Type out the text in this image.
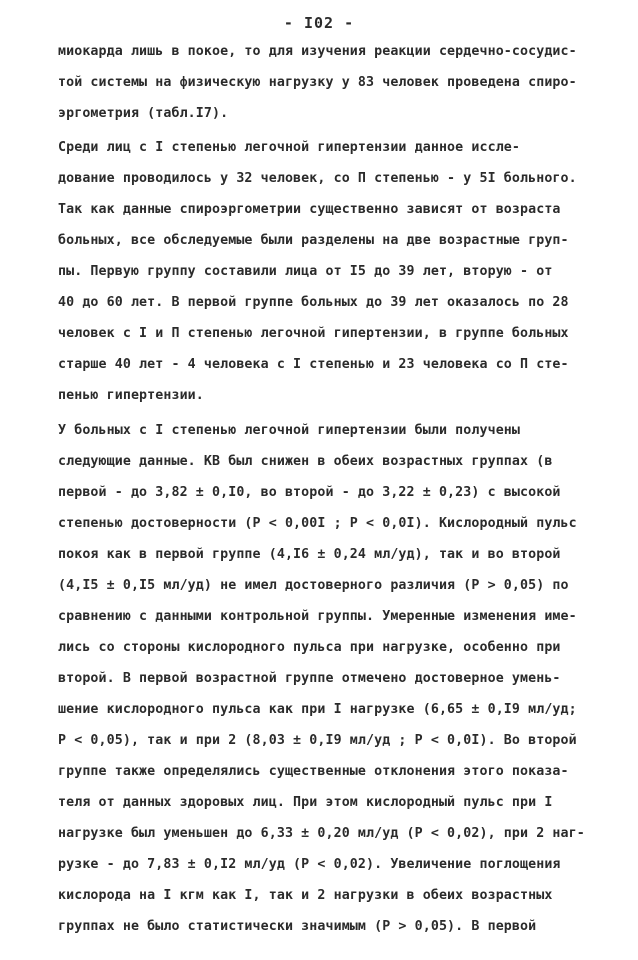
- I02 -
миокарда лишь в покое, то для изучения реакции сердечно-сосудис-
той системы на физическую нагрузку у 83 человек проведена спиро-
эргометрия (табл.I7).
Среди лиц с I степенью легочной гипертензии данное иссле-
дование проводилось у 32 человек, со П степенью - у 5I больного.
Так как данные спироэргометрии существенно зависят от возраста
больных, все обследуемые были разделены на две возрастные груп-
пы. Первую группу составили лица от I5 до 39 лет, вторую - от
40 до 60 лет. В первой группе больных до 39 лет оказалось по 28
человек с I и П степенью легочной гипертензии, в группе больных
старше 40 лет - 4 человека с I степенью и 23 человека со П сте-
пенью гипертензии.
У больных с I степенью легочной гипертензии были получены
следующие данные. КВ был снижен в обеих возрастных группах (в
первой - до 3,82 ± 0,I0, во второй - до 3,22 ± 0,23) с высокой
степенью достоверности (Р < 0,00I ; Р < 0,0I). Кислородный пульс
покоя как в первой группе (4,I6 ± 0,24 мл/уд), так и во второй
(4,I5 ± 0,I5 мл/уд) не имел достоверного различия (Р > 0,05) по
сравнению с данными контрольной группы. Умеренные изменения име-
лись со стороны кислородного пульса при нагрузке, особенно при
второй. В первой возрастной группе отмечено достоверное умень-
шение кислородного пульса как при I нагрузке (6,65 ± 0,I9 мл/уд;
Р < 0,05), так и при 2 (8,03 ± 0,I9 мл/уд ; Р < 0,0I). Во второй
группе также определялись существенные отклонения этого показа-
теля от данных здоровых лиц. При этом кислородный пульс при I
нагрузке был уменьшен до 6,33 ± 0,20 мл/уд (Р < 0,02), при 2 наг-
рузке - до 7,83 ± 0,I2 мл/уд (Р < 0,02). Увеличение поглощения
кислорода на I кгм как I, так и 2 нагрузки в обеих возрастных
группах не было статистически значимым (Р > 0,05). В первой
